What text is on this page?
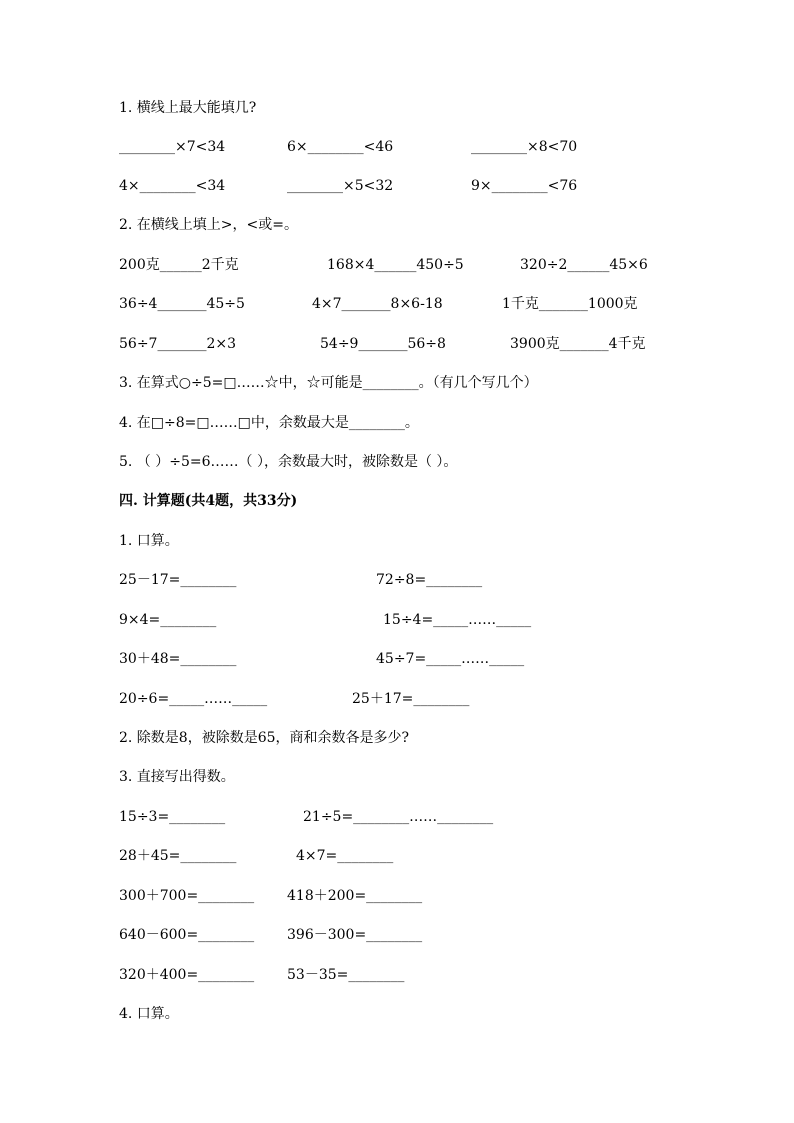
1. 横线上最大能填几?
________×7<34	6×________<46	________×8<70
4×________<34	________×5<32	9×________<76
2. 在横线上填上>，<或=。
200克______2千克	168×4______450÷5	320÷2______45×6
36÷4_______45÷5	4×7_______8×6-18	1千克_______1000克
56÷7_______2×3	54÷9_______56÷8	3900克_______4千克
3. 在算式○÷5=□……☆中，☆可能是________。（有几个写几个）
4. 在□÷8=□……□中，余数最大是________。
5. （ ）÷5=6……（ ），余数最大时，被除数是（ ）。
四. 计算题(共4题，共33分)
1. 口算。
25－17=________	72÷8=________
9×4=________	15÷4=_____……_____
30＋48=________	45÷7=_____……_____
20÷6=_____……_____	25＋17=________
2. 除数是8，被除数是65，商和余数各是多少?
3. 直接写出得数。
15÷3=________	21÷5=________……________
28＋45=________	4×7=________
300＋700=________ 418＋200=________
640－600=________ 396－300=________
320＋400=________ 53－35=________
4. 口算。
